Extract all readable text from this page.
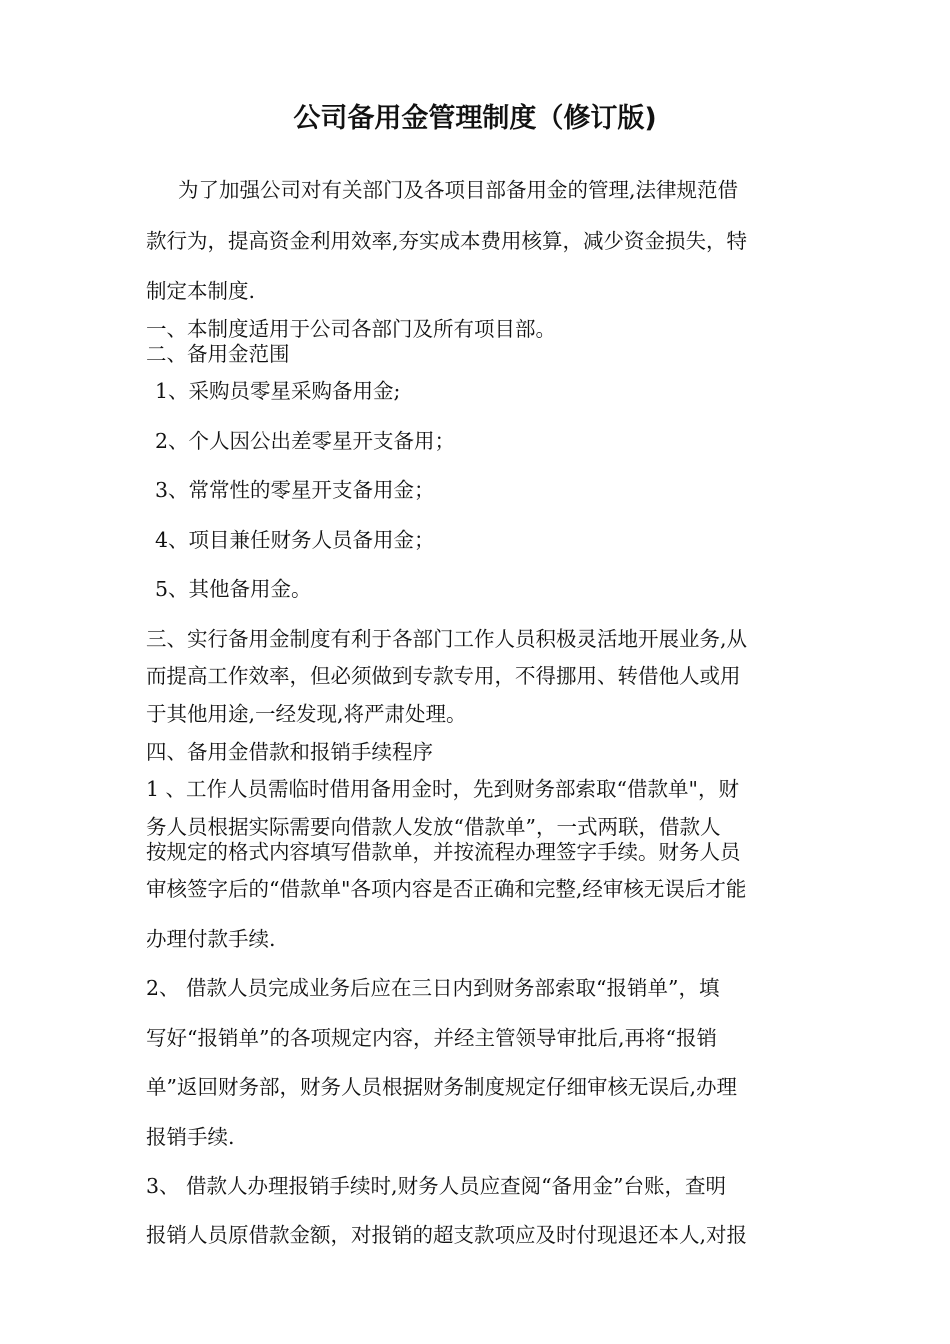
公司备用金管理制度（修订版)
为了加强公司对有关部门及各项目部备用金的管理,法律规范借
款行为，提高资金利用效率,夯实成本费用核算，减少资金损失，特
制定本制度.
一、本制度适用于公司各部门及所有项目部。
二、备用金范围
1、采购员零星采购备用金;
2、个人因公出差零星开支备用；
3、常常性的零星开支备用金；
4、项目兼任财务人员备用金；
5、其他备用金。
三、实行备用金制度有利于各部门工作人员积极灵活地开展业务,从
而提高工作效率，但必须做到专款专用，不得挪用、转借他人或用
于其他用途,一经发现,将严肃处理。
四、备用金借款和报销手续程序
1 、工作人员需临时借用备用金时，先到财务部索取“借款单"，财
务人员根据实际需要向借款人发放“借款单”，一式两联，借款人
按规定的格式内容填写借款单，并按流程办理签字手续。财务人员
审核签字后的“借款单"各项内容是否正确和完整,经审核无误后才能
办理付款手续.
2、 借款人员完成业务后应在三日内到财务部索取“报销单”，填
写好“报销单”的各项规定内容，并经主管领导审批后,再将“报销
单”返回财务部，财务人员根据财务制度规定仔细审核无误后,办理
报销手续.
3、 借款人办理报销手续时,财务人员应查阅“备用金”台账，查明
报销人员原借款金额，对报销的超支款项应及时付现退还本人,对报
